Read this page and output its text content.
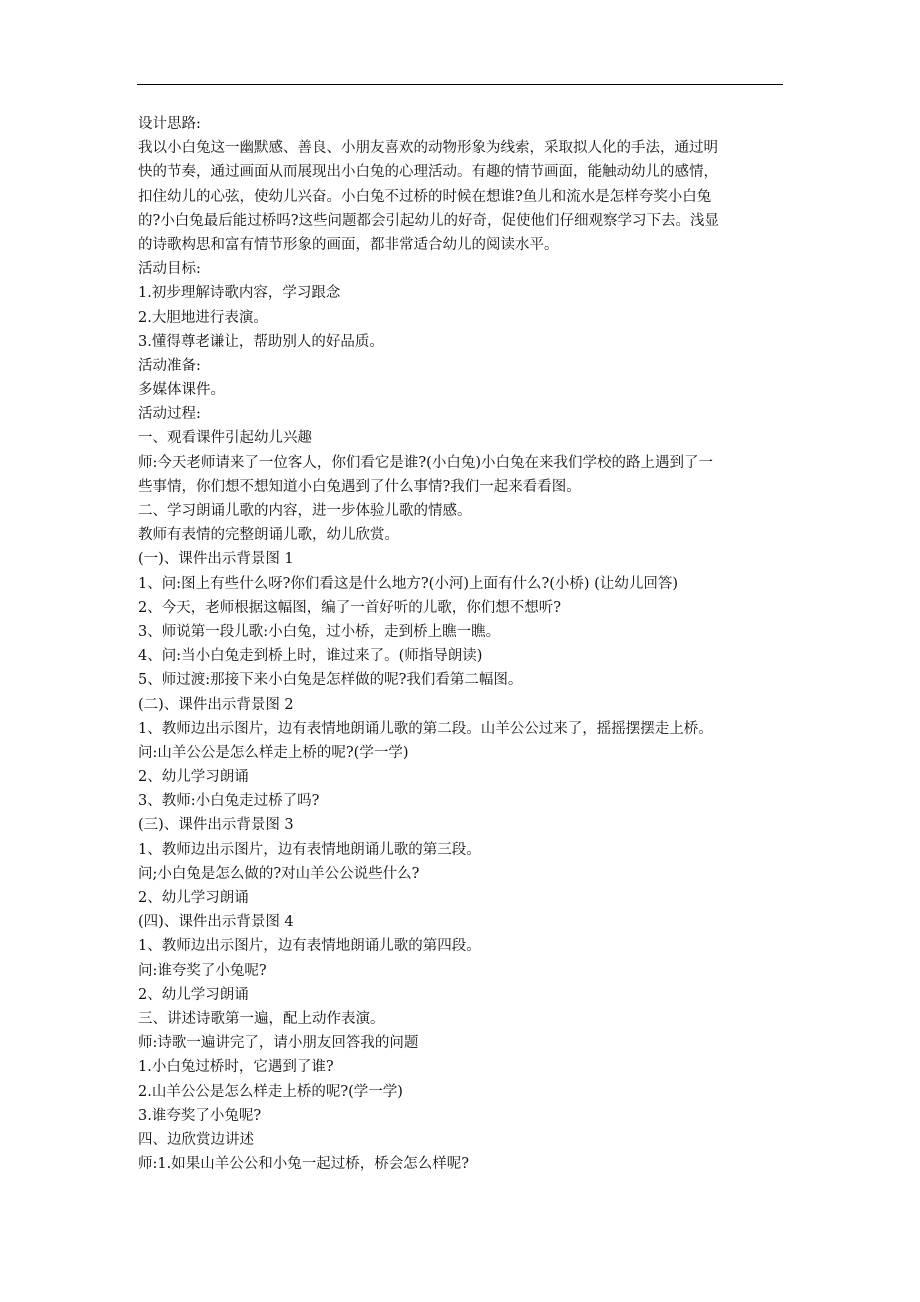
设计思路:
我以小白兔这一幽默感、善良、小朋友喜欢的动物形象为线索，采取拟人化的手法，通过明
快的节奏，通过画面从而展现出小白兔的心理活动。有趣的情节画面，能触动幼儿的感情，
扣住幼儿的心弦，使幼儿兴奋。小白兔不过桥的时候在想谁?鱼儿和流水是怎样夸奖小白兔
的?小白兔最后能过桥吗?这些问题都会引起幼儿的好奇，促使他们仔细观察学习下去。浅显
的诗歌构思和富有情节形象的画面，都非常适合幼儿的阅读水平。
活动目标:
1.初步理解诗歌内容，学习跟念
2.大胆地进行表演。
3.懂得尊老谦让，帮助别人的好品质。
活动准备:
多媒体课件。
活动过程:
一、观看课件引起幼儿兴趣
师:今天老师请来了一位客人，你们看它是谁?(小白兔)小白兔在来我们学校的路上遇到了一
些事情，你们想不想知道小白兔遇到了什么事情?我们一起来看看图。
二、学习朗诵儿歌的内容，进一步体验儿歌的情感。
教师有表情的完整朗诵儿歌，幼儿欣赏。
(一)、课件出示背景图 1
1、问:图上有些什么呀?你们看这是什么地方?(小河)上面有什么?(小桥) (让幼儿回答)
2、今天，老师根据这幅图，编了一首好听的儿歌，你们想不想听?
3、师说第一段儿歌:小白兔，过小桥，走到桥上瞧一瞧。
4、问:当小白兔走到桥上时，谁过来了。(师指导朗读)
5、师过渡:那接下来小白兔是怎样做的呢?我们看第二幅图。
(二)、课件出示背景图 2
1、教师边出示图片，边有表情地朗诵儿歌的第二段。山羊公公过来了，摇摇摆摆走上桥。
问:山羊公公是怎么样走上桥的呢?(学一学)
2、幼儿学习朗诵
3、教师:小白兔走过桥了吗?
(三)、课件出示背景图 3
1、教师边出示图片，边有表情地朗诵儿歌的第三段。
问;小白兔是怎么做的?对山羊公公说些什么?
2、幼儿学习朗诵
(四)、课件出示背景图 4
1、教师边出示图片，边有表情地朗诵儿歌的第四段。
问:谁夸奖了小兔呢?
2、幼儿学习朗诵
三、讲述诗歌第一遍，配上动作表演。
师:诗歌一遍讲完了，请小朋友回答我的问题
1.小白兔过桥时，它遇到了谁?
2.山羊公公是怎么样走上桥的呢?(学一学)
3.谁夸奖了小兔呢?
四、边欣赏边讲述
师:1.如果山羊公公和小兔一起过桥，桥会怎么样呢?
